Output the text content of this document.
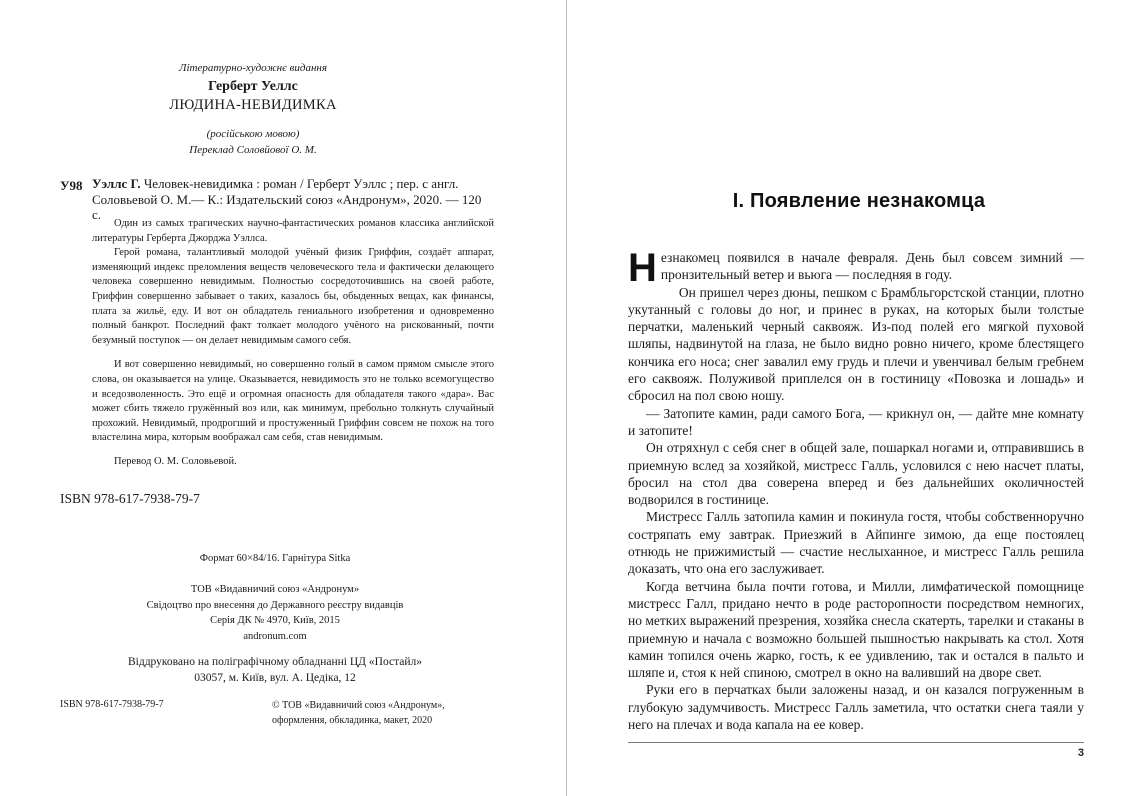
Літературно-художнє видання
Герберт Уеллс
ЛЮДИНА-НЕВИДИМКА
(російською мовою)
Переклад Соловйової О. М.
У98 Уэллс Г. Человек-невидимка : роман / Герберт Уэллс ; пер. с англ. Соловьевой О. М.— К.: Издательский союз «Андронум», 2020. — 120 с.

Один из самых трагических научно-фантастических романов классика английской литературы Герберта Джорджа Уэллса.

Герой романа, талантливый молодой учёный физик Гриффин, создаёт аппарат, изменяющий индекс преломления веществ человеческого тела и фактически делающего человека совершенно невидимым. Полностью сосредоточившись на своей работе, Гриффин совершенно забывает о таких, казалось бы, обыденных вещах, как финансы, плата за жильё, еду. И вот он обладатель гениального изобретения и одновременно полный банкрот. Последний факт толкает молодого учёного на рискованный, почти безумный поступок — он делает невидимым самого себя.

И вот совершенно невидимый, но совершенно голый в самом прямом смысле этого слова, он оказывается на улице. Оказывается, невидимость это не только всемогущество и вседозволенность. Это ещё и огромная опасность для обладателя такого «дара». Вас может сбить тяжело гружённый воз или, как минимум, пребольно толкнуть случайный прохожий. Невидимый, продрогший и простуженный Гриффин совсем не похож на того властелина мира, которым воображал сам себя, став невидимым.

Перевод О. М. Соловьевой.

ISBN 978-617-7938-79-7
Формат 60×84/16. Гарнітура Sitka
ТОВ «Видавничий союз «Андронум»
Свідоцтво про внесення до Державного реєстру видавців
Серія ДК № 4970, Київ, 2015
andronum.com
Віддруковано на поліграфічному обладнанні ЦД «Постайл»
03057, м. Київ, вул. А. Цедіка, 12
ISBN 978-617-7938-79-7	© ТОВ «Видавничий союз «Андронум»,
оформлення, обкладинка, макет, 2020
I. Появление незнакомца

Незнакомец появился в начале февраля. День был совсем зимний — пронзительный ветер и вьюга — последняя в году.

Он пришел через дюны, пешком с Брамбльгорстской станции, плотно укутанный с головы до ног, и принес в руках, на которых были толстые перчатки, маленький черный саквояж. Из-под полей его мягкой пуховой шляпы, надвинутой на глаза, не было видно ровно ничего, кроме блестящего кончика его носа; снег завалил ему грудь и плечи и увенчивал белым гребнем его саквояж. Полуживой приплелся он в гостиницу «Повозка и лошадь» и сбросил на пол свою ношу.

— Затопите камин, ради самого Бога, — крикнул он, — дайте мне комнату и затопите!

Он отряхнул с себя снег в общей зале, пошаркал ногами и, отправившись в приемную вслед за хозяйкой, мистресс Галль, условился с нею насчет платы, бросил на стол два соверена вперед и без дальнейших околичностей водворился в гостинице.

Мистресс Галль затопила камин и покинула гостя, чтобы собственноручно состряпать ему завтрак. Приезжий в Айпинге зимою, да еще постоялец отнюдь не прижимистый — счастие неслыханное, и мистресс Галль решила доказать, что она его заслуживает.

Когда ветчина была почти готова, и Милли, лимфатической помощнице мистресс Галл, придано нечто в роде расторопности посредством немногих, но метких выражений презрения, хозяйка снесла скатерть, тарелки и стаканы в приемную и начала с возможно большей пышностью накрывать ка стол. Хотя камин топился очень жарко, гость, к ее удивлению, так и остался в пальто и шляпе и, стоя к ней спиною, смотрел в окно на валивший на дворе свет.

Руки его в перчатках были заложены назад, и он казался погруженным в глубокую задумчивость. Мистресс Галль заметила, что остатки снега таяли у него на плечах и вода капала на ее ковер.

3
